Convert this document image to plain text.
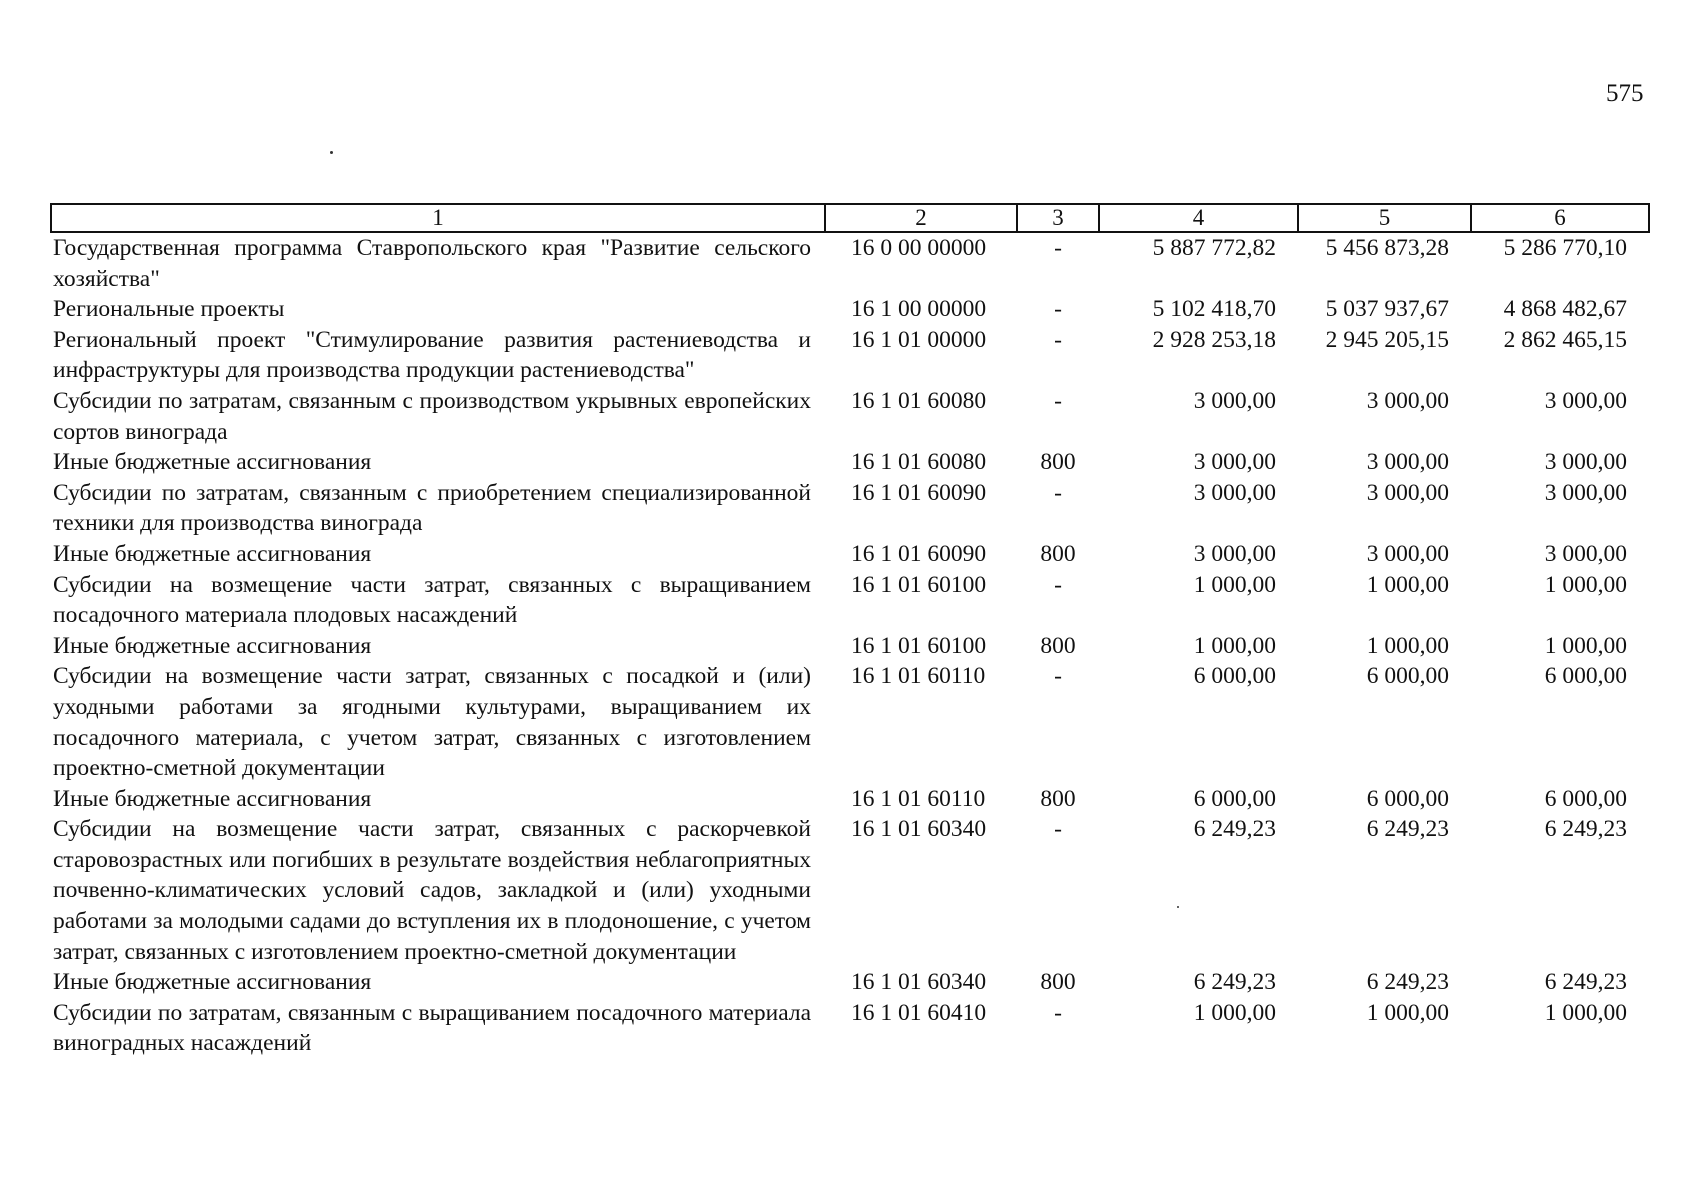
575
1	2	3	4	5	6
Государственная программа Ставропольского края "Развитие сельского хозяйства"	16 0 00 00000	-	5 887 772,82	5 456 873,28	5 286 770,10
Региональные проекты	16 1 00 00000	-	5 102 418,70	5 037 937,67	4 868 482,67
Региональный проект "Стимулирование развития растениеводства и инфраструктуры для производства продукции растениеводства"	16 1 01 00000	-	2 928 253,18	2 945 205,15	2 862 465,15
Субсидии по затратам, связанным с производством укрывных европейских сортов винограда	16 1 01 60080	-	3 000,00	3 000,00	3 000,00
Иные бюджетные ассигнования	16 1 01 60080	800	3 000,00	3 000,00	3 000,00
Субсидии по затратам, связанным с приобретением специализированной техники для производства винограда	16 1 01 60090	-	3 000,00	3 000,00	3 000,00
Иные бюджетные ассигнования	16 1 01 60090	800	3 000,00	3 000,00	3 000,00
Субсидии на возмещение части затрат, связанных с выращиванием посадочного материала плодовых насаждений	16 1 01 60100	-	1 000,00	1 000,00	1 000,00
Иные бюджетные ассигнования	16 1 01 60100	800	1 000,00	1 000,00	1 000,00
Субсидии на возмещение части затрат, связанных с посадкой и (или) уходными работами за ягодными культурами, выращиванием их посадочного материала, с учетом затрат, связанных с изготовлением проектно-сметной документации	16 1 01 60110	-	6 000,00	6 000,00	6 000,00
Иные бюджетные ассигнования	16 1 01 60110	800	6 000,00	6 000,00	6 000,00
Субсидии на возмещение части затрат, связанных с раскорчевкой старовозрастных или погибших в результате воздействия неблагоприятных почвенно-климатических условий садов, закладкой и (или) уходными работами за молодыми садами до вступления их в плодоношение, с учетом затрат, связанных с изготовлением проектно-сметной документации	16 1 01 60340	-	6 249,23	6 249,23	6 249,23
Иные бюджетные ассигнования	16 1 01 60340	800	6 249,23	6 249,23	6 249,23
Субсидии по затратам, связанным с выращиванием посадочного материала виноградных насаждений	16 1 01 60410	-	1 000,00	1 000,00	1 000,00
